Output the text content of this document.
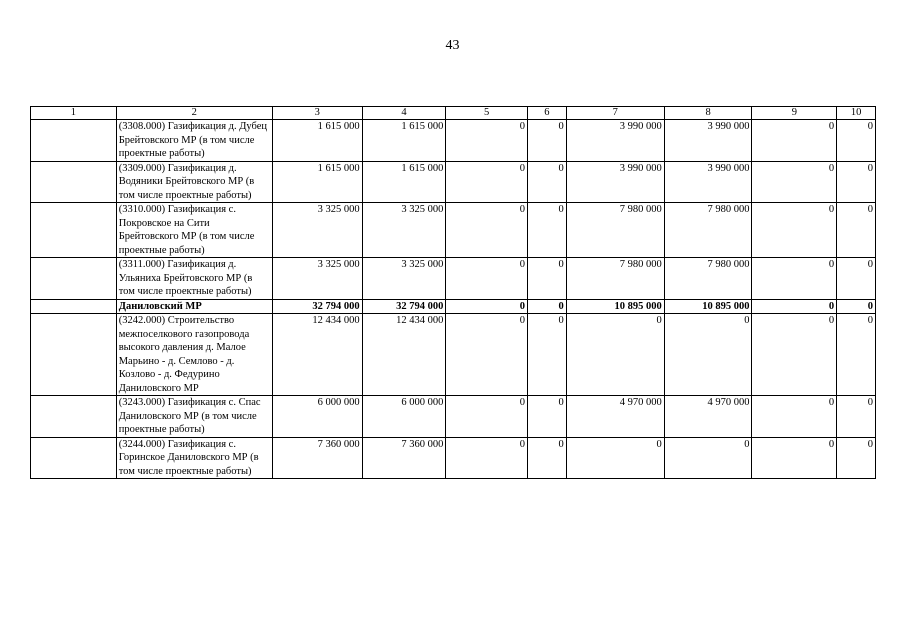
43
1	2	3	4	5	6	7	8	9	10
	(3308.000) Газификация д. Дубец Брейтовского МР (в том числе проектные работы)	1 615 000	1 615 000	0	0	3 990 000	3 990 000	0	0
	(3309.000) Газификация д. Водяники Брейтовского МР (в том числе проектные работы)	1 615 000	1 615 000	0	0	3 990 000	3 990 000	0	0
	(3310.000) Газификация с. Покровское на Сити Брейтовского МР (в том числе проектные работы)	3 325 000	3 325 000	0	0	7 980 000	7 980 000	0	0
	(3311.000) Газификация д. Ульяниха Брейтовского МР (в том числе проектные работы)	3 325 000	3 325 000	0	0	7 980 000	7 980 000	0	0
	Даниловский МР	32 794 000	32 794 000	0	0	10 895 000	10 895 000	0	0
	(3242.000) Строительство межпоселкового газопровода высокого давления д. Малое Марьино - д. Семлово - д. Козлово - д. Федурино Даниловского МР	12 434 000	12 434 000	0	0	0	0	0	0
	(3243.000) Газификация с. Спас Даниловского МР (в том числе проектные работы)	6 000 000	6 000 000	0	0	4 970 000	4 970 000	0	0
	(3244.000) Газификация с. Горинское Даниловского МР (в том числе проектные работы)	7 360 000	7 360 000	0	0	0	0	0	0
